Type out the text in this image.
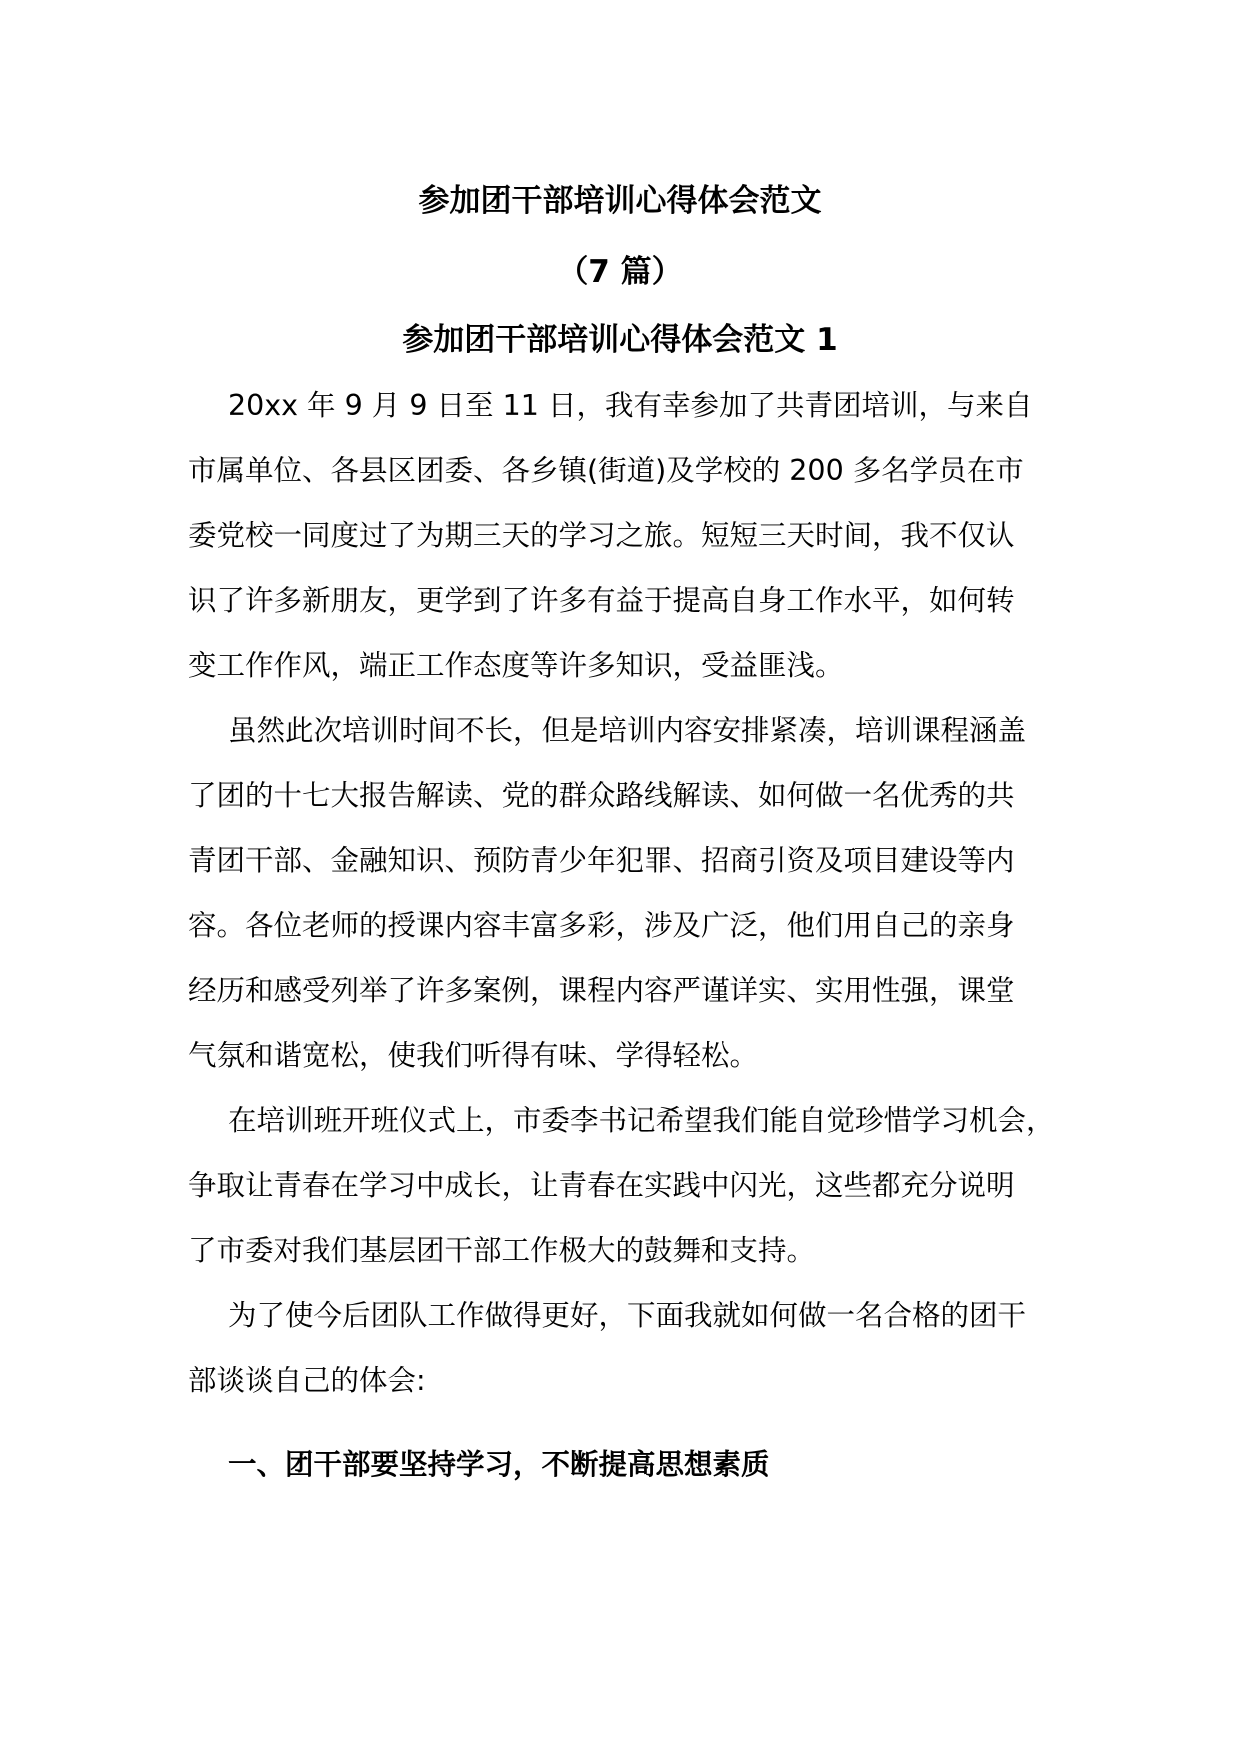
参加团干部培训心得体会范文
（7 篇）
参加团干部培训心得体会范文 1

20xx 年 9 月 9 日至 11 日，我有幸参加了共青团培训，与来自
市属单位、各县区团委、各乡镇(街道)及学校的 200 多名学员在市
委党校一同度过了为期三天的学习之旅。短短三天时间，我不仅认
识了许多新朋友，更学到了许多有益于提高自身工作水平，如何转
变工作作风，端正工作态度等许多知识，受益匪浅。

虽然此次培训时间不长，但是培训内容安排紧凑，培训课程涵盖
了团的十七大报告解读、党的群众路线解读、如何做一名优秀的共
青团干部、金融知识、预防青少年犯罪、招商引资及项目建设等内
容。各位老师的授课内容丰富多彩，涉及广泛，他们用自己的亲身
经历和感受列举了许多案例，课程内容严谨详实、实用性强，课堂
气氛和谐宽松，使我们听得有味、学得轻松。

在培训班开班仪式上，市委李书记希望我们能自觉珍惜学习机会，
争取让青春在学习中成长，让青春在实践中闪光，这些都充分说明
了市委对我们基层团干部工作极大的鼓舞和支持。

为了使今后团队工作做得更好，下面我就如何做一名合格的团干
部谈谈自己的体会:

一、团干部要坚持学习，不断提高思想素质
